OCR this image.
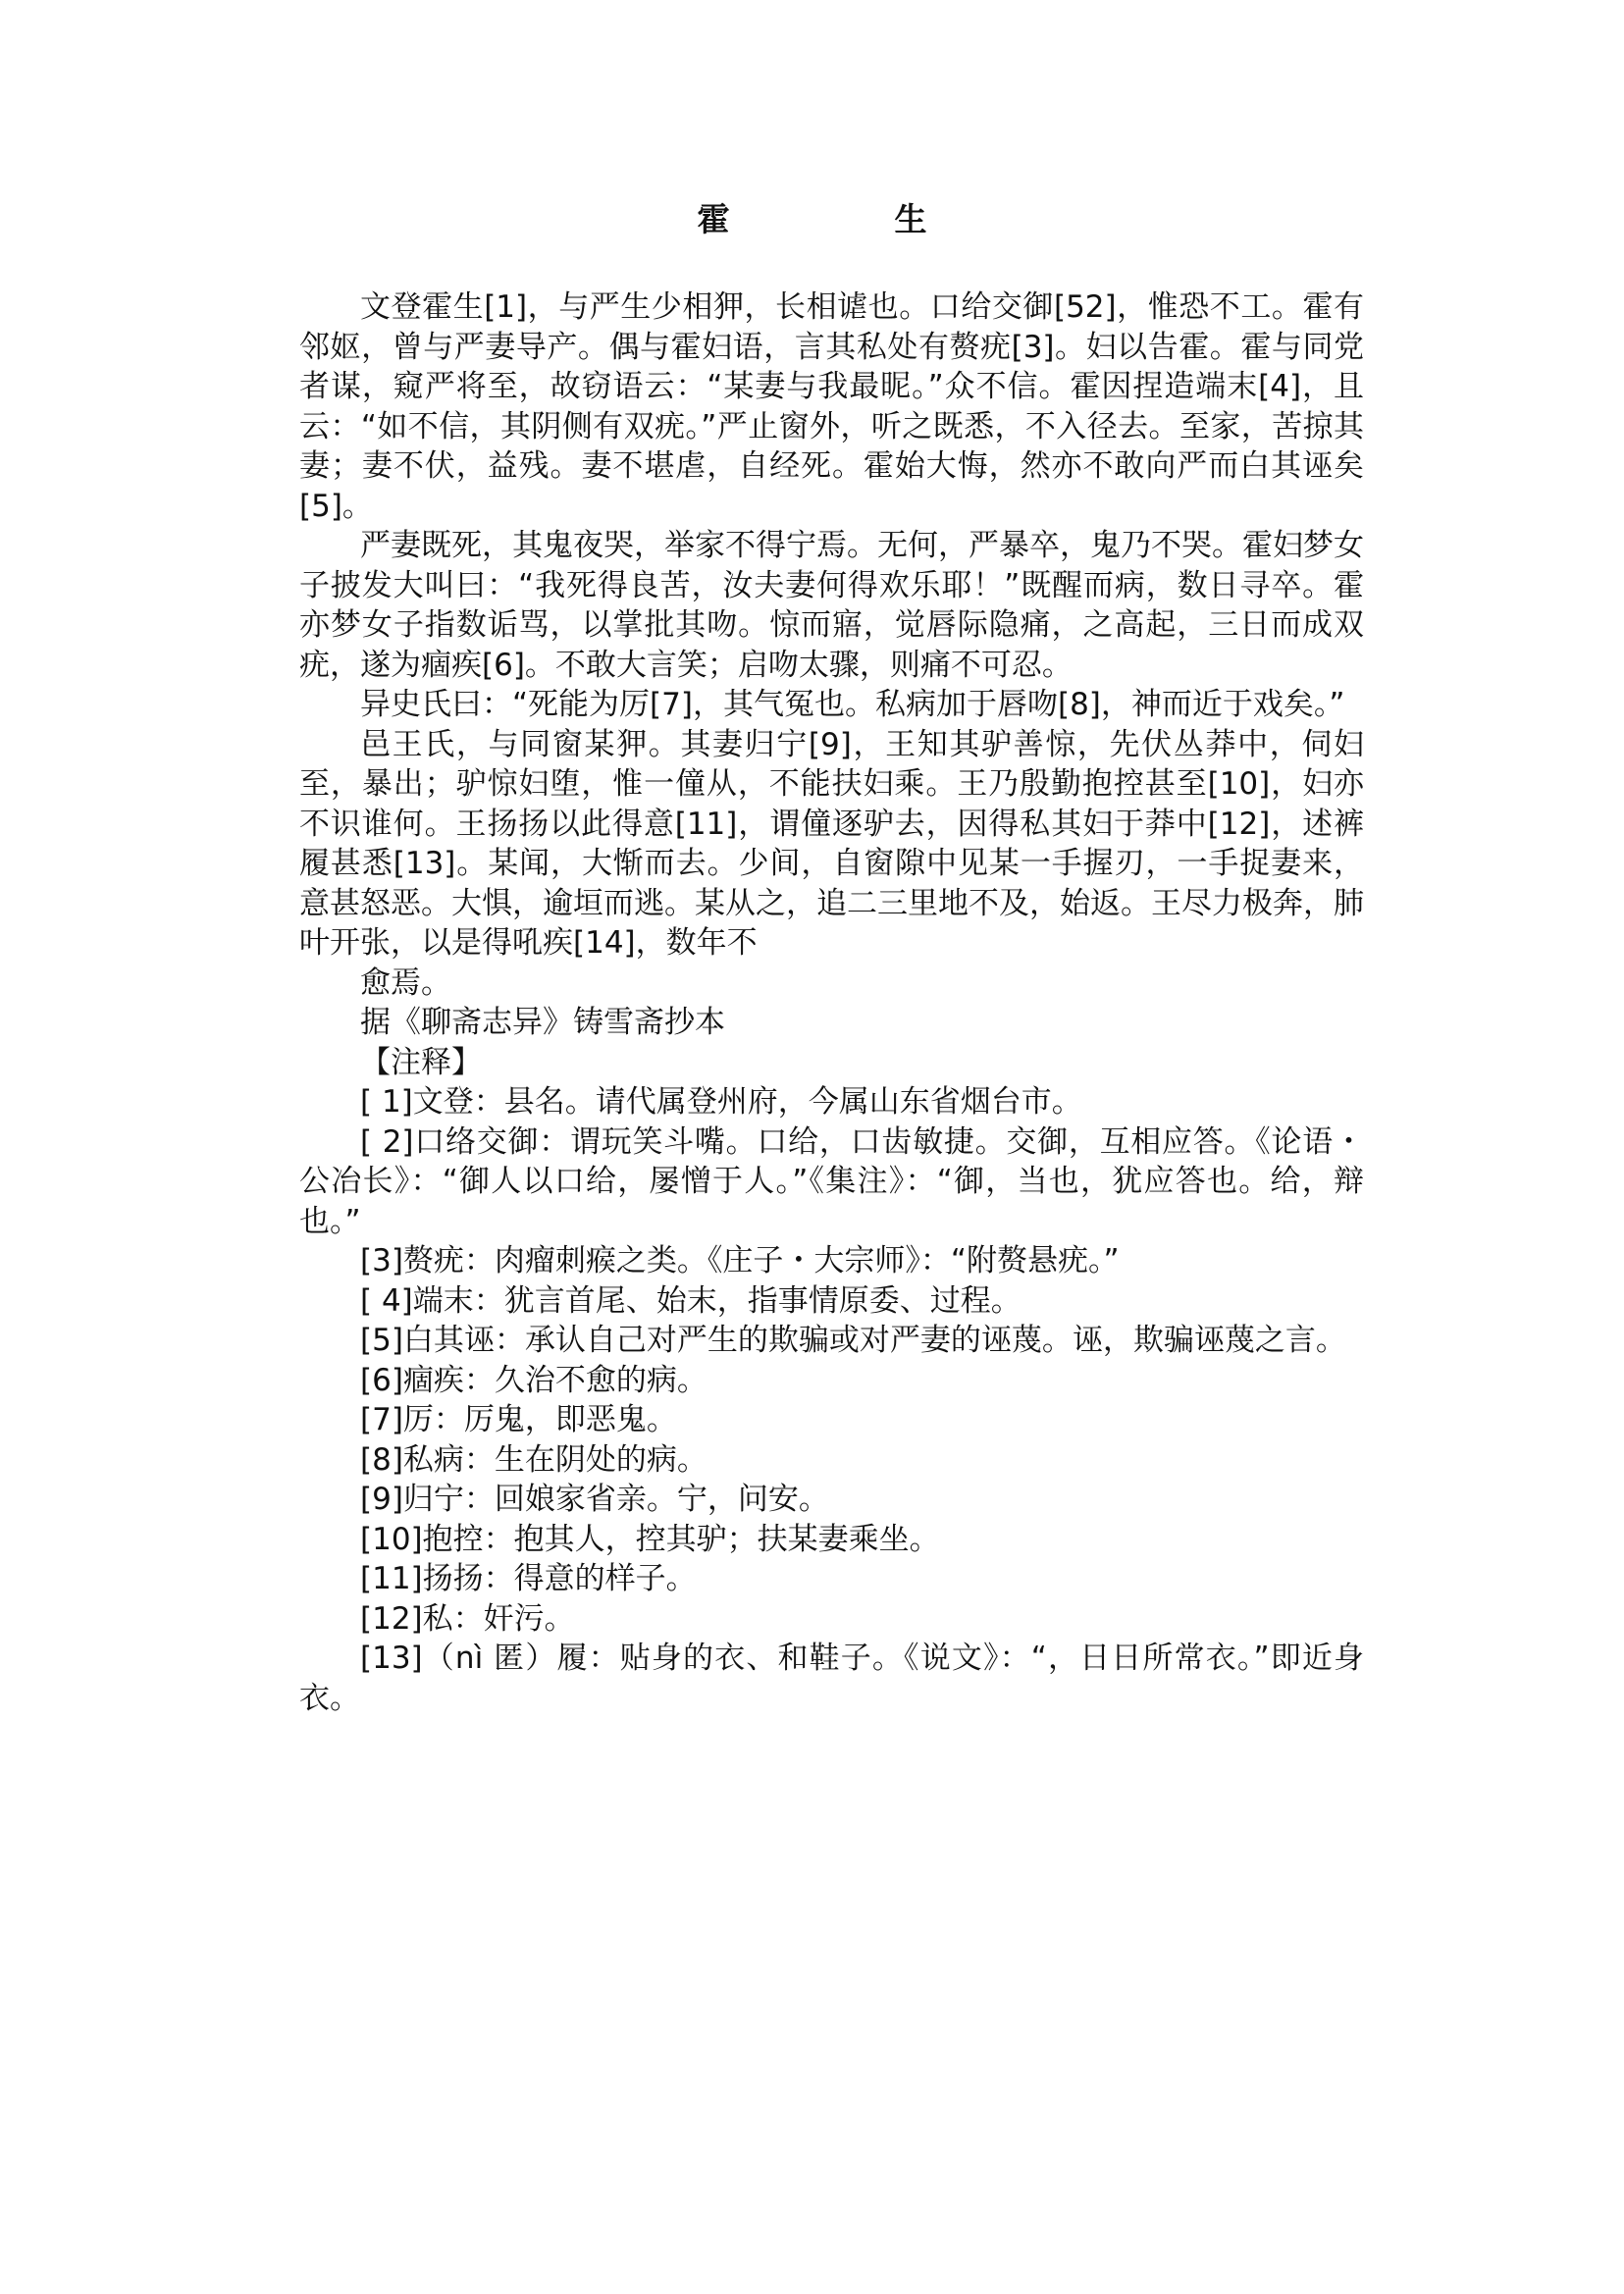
霍	生

文登霍生[1]，与严生少相狎，长相谑也。口给交御[52]，惟恐不工。霍有邻妪，曾与严妻导产。偶与霍妇语，言其私处有赘疣[3]。妇以告霍。霍与同党者谋，窥严将至，故窃语云：“某妻与我最昵。”众不信。霍因捏造端末[4]，且云：“如不信，其阴侧有双疣。”严止窗外，听之既悉，不入径去。至家，苦掠其妻；妻不伏，益残。妻不堪虐，自经死。霍始大悔，然亦不敢向严而白其诬矣[5]。

严妻既死，其鬼夜哭，举家不得宁焉。无何，严暴卒，鬼乃不哭。霍妇梦女子披发大叫曰：“我死得良苦，汝夫妻何得欢乐耶！”既醒而病，数日寻卒。霍亦梦女子指数诟骂，以掌批其吻。惊而寤，觉唇际隐痛，之高起，三日而成双疣，遂为痼疾[6]。不敢大言笑；启吻太骤，则痛不可忍。

异史氏曰：“死能为厉[7]，其气冤也。私病加于唇吻[8]，神而近于戏矣。”

邑王氏，与同窗某狎。其妻归宁[9]，王知其驴善惊，先伏丛莽中，伺妇至，暴出；驴惊妇堕，惟一僮从，不能扶妇乘。王乃殷勤抱控甚至[10]，妇亦不识谁何。王扬扬以此得意[11]，谓僮逐驴去，因得私其妇于莽中[12]，述裤履甚悉[13]。某闻，大惭而去。少间，自窗隙中见某一手握刃，一手捉妻来，意甚怒恶。大惧，逾垣而逃。某从之，追二三里地不及，始返。王尽力极奔，肺叶开张，以是得吼疾[14]，数年不

愈焉。

据《聊斋志异》铸雪斋抄本

【注释】

[ 1]文登：县名。请代属登州府，今属山东省烟台市。

[ 2]口络交御：谓玩笑斗嘴。口给，口齿敏捷。交御，互相应答。《论语・公冶长》：“御人以口给，屡憎于人。”《集注》：“御，当也，犹应答也。给，辩也。”

[3]赘疣：肉瘤刺瘊之类。《庄子・大宗师》：“附赘悬疣。”

[ 4]端末：犹言首尾、始末，指事情原委、过程。

[5]白其诬：承认自己对严生的欺骗或对严妻的诬蔑。诬，欺骗诬蔑之言。

[6]痼疾：久治不愈的病。

[7]厉：厉鬼，即恶鬼。

[8]私病：生在阴处的病。

[9]归宁：回娘家省亲。宁，问安。

[10]抱控：抱其人，控其驴；扶某妻乘坐。

[11]扬扬：得意的样子。

[12]私：奸污。

[13]（nì 匿）履：贴身的衣、和鞋子。《说文》：“，日日所常衣。”即近身衣。
